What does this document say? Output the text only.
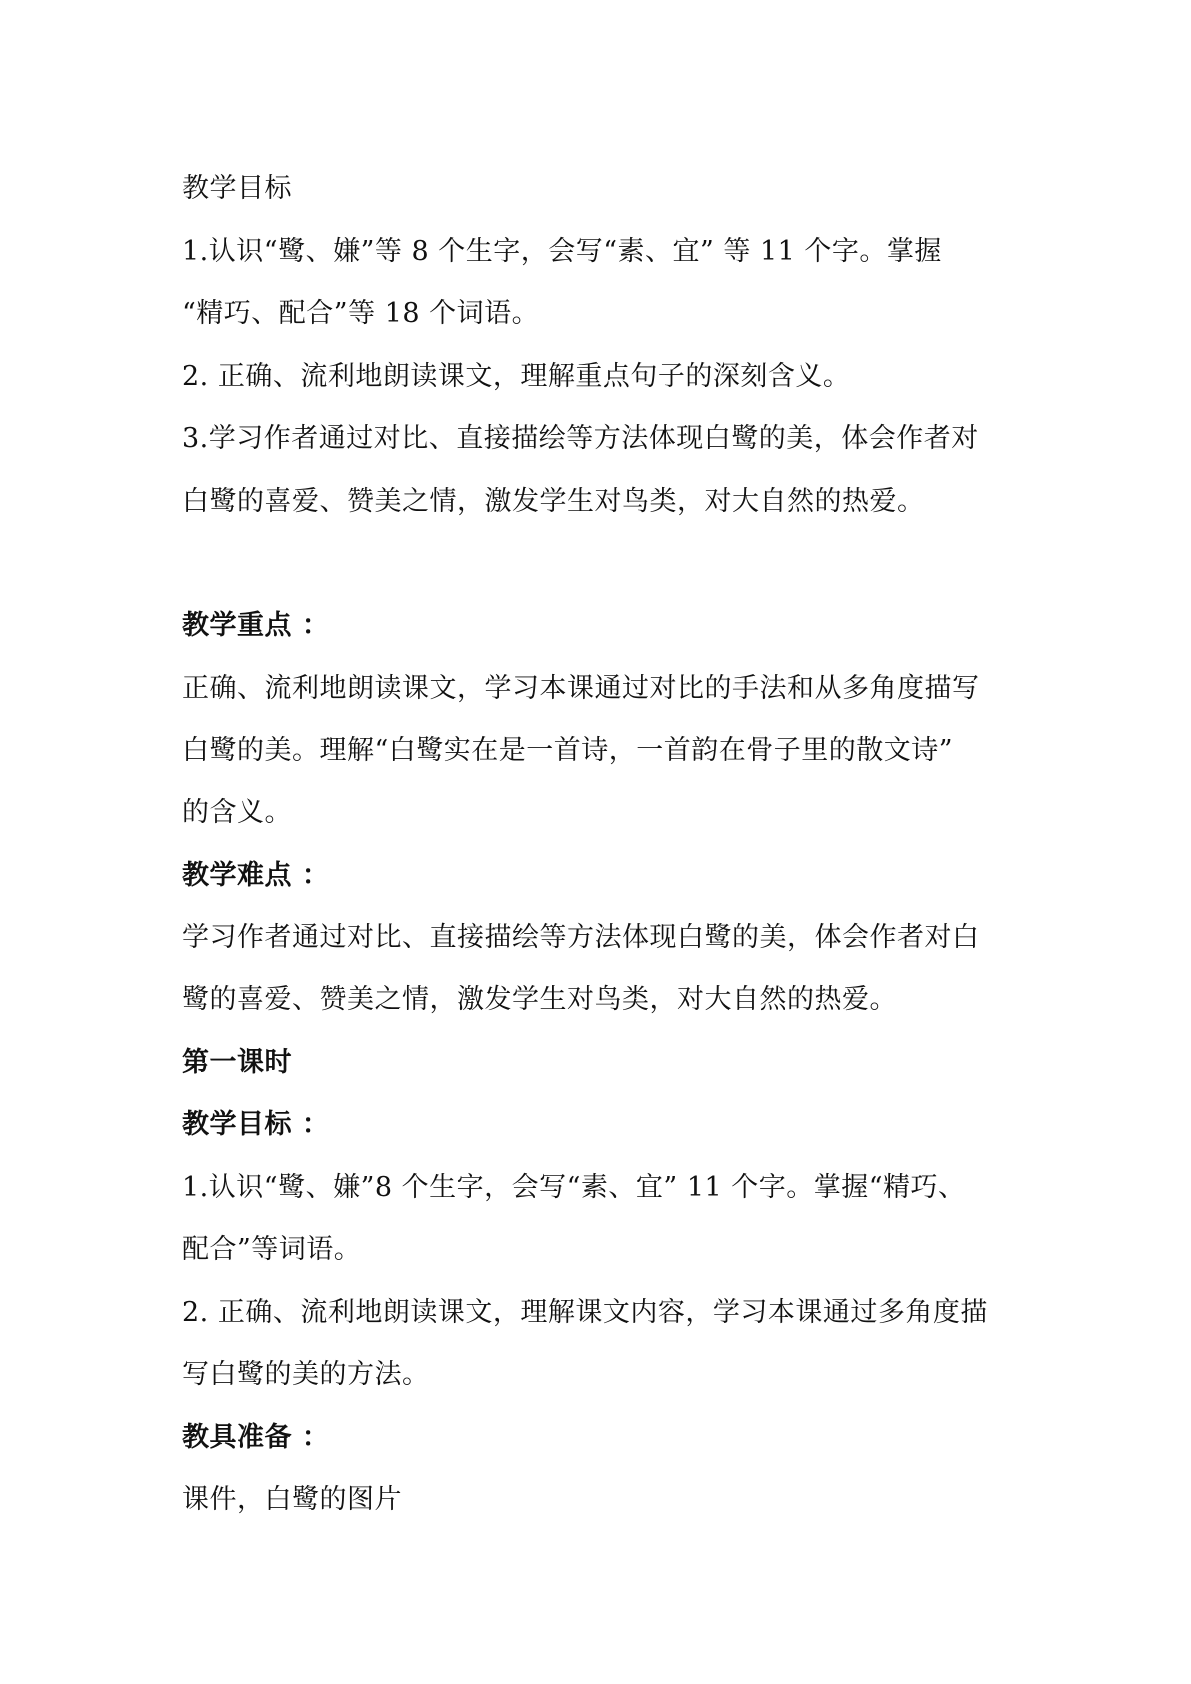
教学目标
1.认识“鹭、嫌”等 8 个生字，会写“素、宜” 等 11 个字。掌握
“精巧、配合”等 18 个词语。
2. 正确、流利地朗读课文，理解重点句子的深刻含义。
3.学习作者通过对比、直接描绘等方法体现白鹭的美，体会作者对
白鹭的喜爱、赞美之情，激发学生对鸟类，对大自然的热爱。
教学重点 ：
正确、流利地朗读课文，学习本课通过对比的手法和从多角度描写
白鹭的美。理解“白鹭实在是一首诗，一首韵在骨子里的散文诗”
的含义。
教学难点 ：
学习作者通过对比、直接描绘等方法体现白鹭的美，体会作者对白
鹭的喜爱、赞美之情，激发学生对鸟类，对大自然的热爱。
第一课时
教学目标 ：
1.认识“鹭、嫌”8 个生字，会写“素、宜” 11 个字。掌握“精巧、
配合”等词语。
2. 正确、流利地朗读课文，理解课文内容，学习本课通过多角度描
写白鹭的美的方法。
教具准备 ：
课件，白鹭的图片
